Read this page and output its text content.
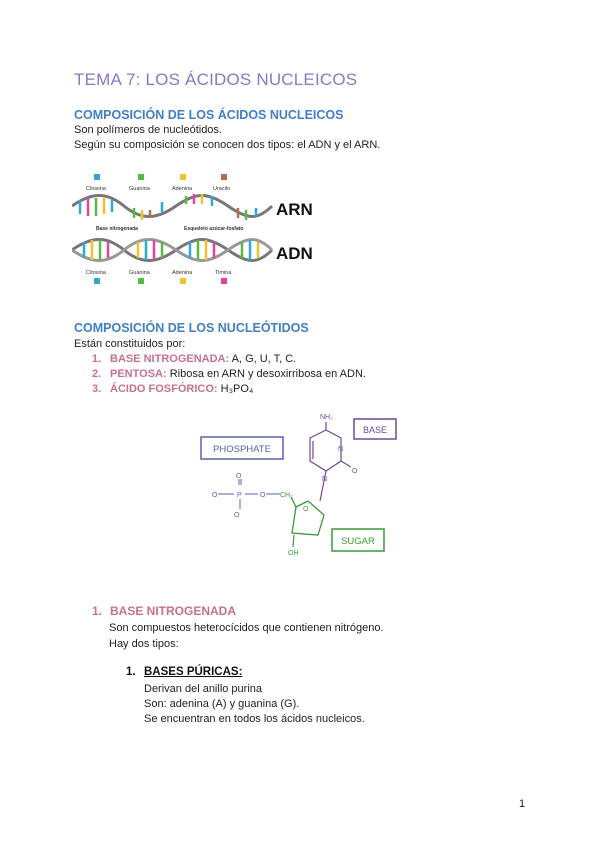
TEMA 7: LOS ÁCIDOS NUCLEICOS
COMPOSICIÓN DE LOS ÁCIDOS NUCLEICOS
Son polímeros de nucleótidos.
Según su composición se conocen dos tipos: el ADN y el ARN.
Citosina	Guanina	Adenina	Uracilo
Base nitrogenada	Esqueleto azúcar-fosfato
Citosina	Guanina	Adenina	Timina
ARN
ADN
COMPOSICIÓN DE LOS NUCLEÓTIDOS
Están constituidos por:
1. BASE NITROGENADA: A, G, U, T, C.
2. PENTOSA: Ribosa en ARN y desoxirribosa en ADN.
3. ÁCIDO FOSFÓRICO: H₃PO₄
PHOSPHATE
BASE
SUGAR
O
O	P
O
O CH₂
O
OH
NH₂
N
N
O
1. BASE NITROGENADA
Son compuestos heterocícidos que contienen nitrógeno.
Hay dos tipos:
1. BASES PÚRICAS:
Derivan del anillo purina
Son: adenina (A) y guanina (G).
Se encuentran en todos los ácidos nucleicos.
1
